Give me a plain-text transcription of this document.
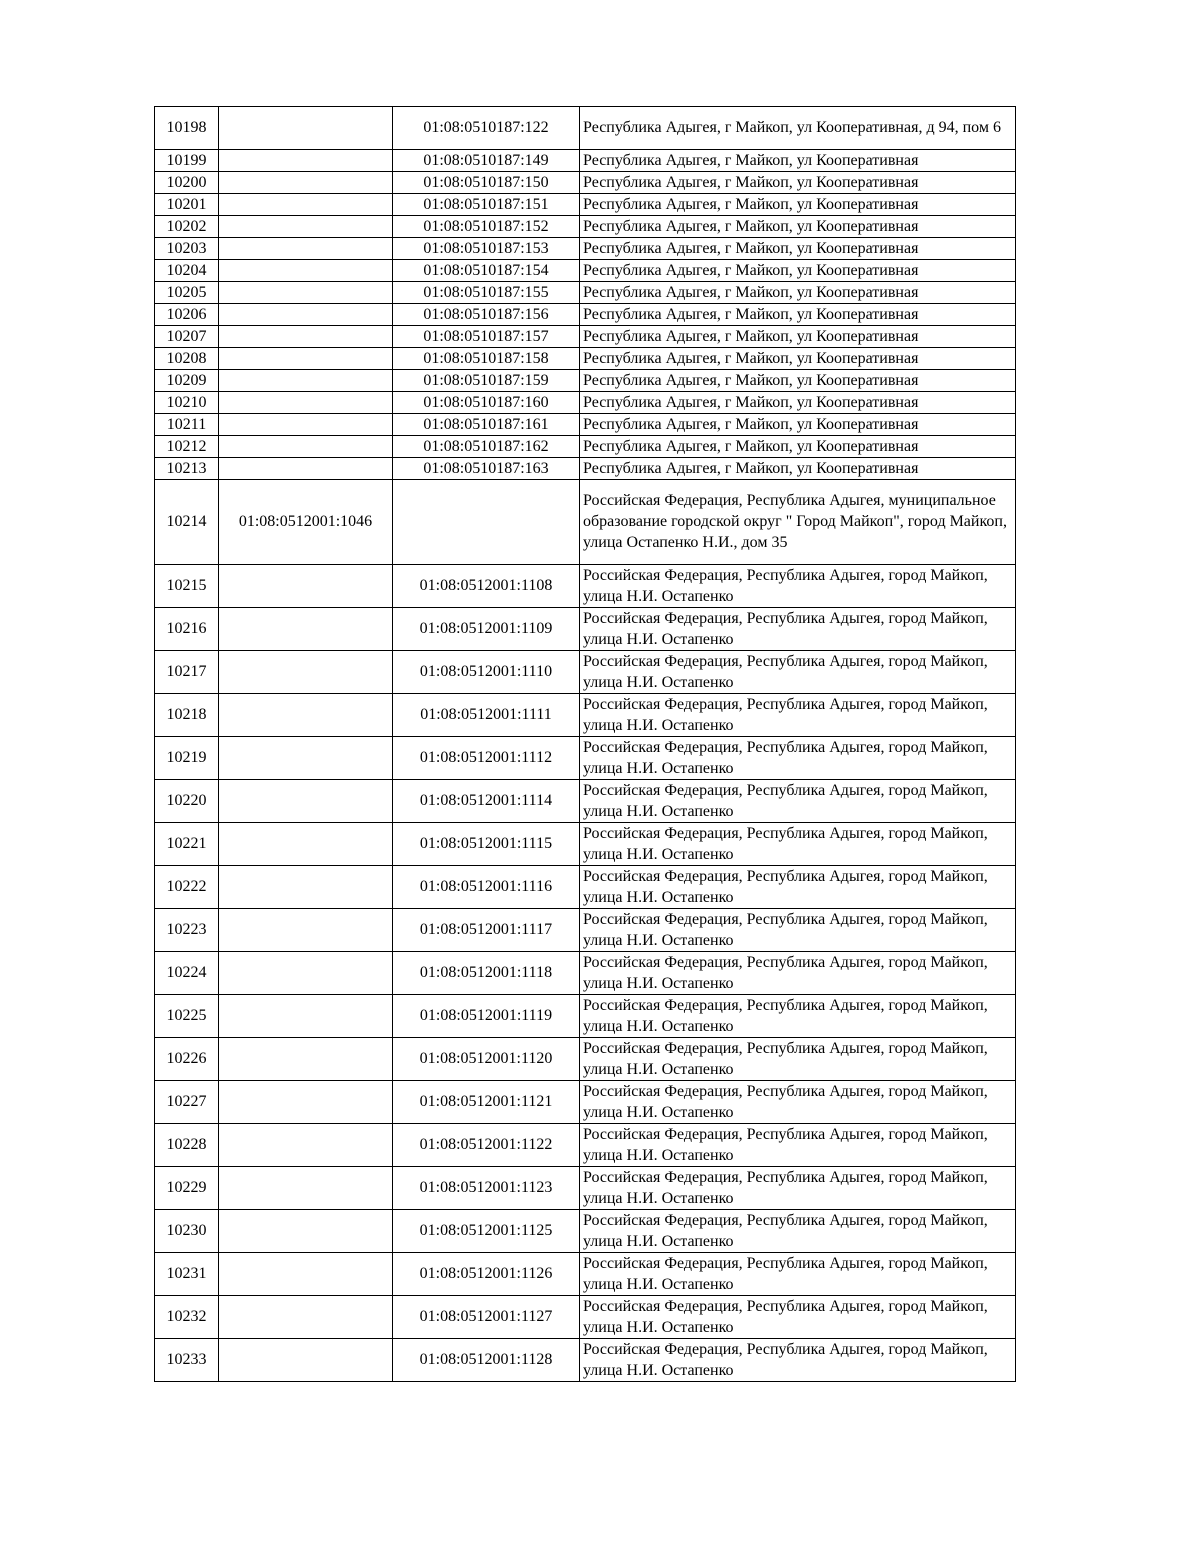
10198		01:08:0510187:122	Республика Адыгея, г Майкоп, ул Кооперативная, д 94, пом 6
10199		01:08:0510187:149	Республика Адыгея, г Майкоп, ул Кооперативная
10200		01:08:0510187:150	Республика Адыгея, г Майкоп, ул Кооперативная
10201		01:08:0510187:151	Республика Адыгея, г Майкоп, ул Кооперативная
10202		01:08:0510187:152	Республика Адыгея, г Майкоп, ул Кооперативная
10203		01:08:0510187:153	Республика Адыгея, г Майкоп, ул Кооперативная
10204		01:08:0510187:154	Республика Адыгея, г Майкоп, ул Кооперативная
10205		01:08:0510187:155	Республика Адыгея, г Майкоп, ул Кооперативная
10206		01:08:0510187:156	Республика Адыгея, г Майкоп, ул Кооперативная
10207		01:08:0510187:157	Республика Адыгея, г Майкоп, ул Кооперативная
10208		01:08:0510187:158	Республика Адыгея, г Майкоп, ул Кооперативная
10209		01:08:0510187:159	Республика Адыгея, г Майкоп, ул Кооперативная
10210		01:08:0510187:160	Республика Адыгея, г Майкоп, ул Кооперативная
10211		01:08:0510187:161	Республика Адыгея, г Майкоп, ул Кооперативная
10212		01:08:0510187:162	Республика Адыгея, г Майкоп, ул Кооперативная
10213		01:08:0510187:163	Республика Адыгея, г Майкоп, ул Кооперативная
10214	01:08:0512001:1046		Российская Федерация, Республика Адыгея, муниципальное образование городской округ " Город Майкоп", город Майкоп, улица Остапенко Н.И., дом 35
10215		01:08:0512001:1108	Российская Федерация, Республика Адыгея, город Майкоп, улица Н.И. Остапенко
10216		01:08:0512001:1109	Российская Федерация, Республика Адыгея, город Майкоп, улица Н.И. Остапенко
10217		01:08:0512001:1110	Российская Федерация, Республика Адыгея, город Майкоп, улица Н.И. Остапенко
10218		01:08:0512001:1111	Российская Федерация, Республика Адыгея, город Майкоп, улица Н.И. Остапенко
10219		01:08:0512001:1112	Российская Федерация, Республика Адыгея, город Майкоп, улица Н.И. Остапенко
10220		01:08:0512001:1114	Российская Федерация, Республика Адыгея, город Майкоп, улица Н.И. Остапенко
10221		01:08:0512001:1115	Российская Федерация, Республика Адыгея, город Майкоп, улица Н.И. Остапенко
10222		01:08:0512001:1116	Российская Федерация, Республика Адыгея, город Майкоп, улица Н.И. Остапенко
10223		01:08:0512001:1117	Российская Федерация, Республика Адыгея, город Майкоп, улица Н.И. Остапенко
10224		01:08:0512001:1118	Российская Федерация, Республика Адыгея, город Майкоп, улица Н.И. Остапенко
10225		01:08:0512001:1119	Российская Федерация, Республика Адыгея, город Майкоп, улица Н.И. Остапенко
10226		01:08:0512001:1120	Российская Федерация, Республика Адыгея, город Майкоп, улица Н.И. Остапенко
10227		01:08:0512001:1121	Российская Федерация, Республика Адыгея, город Майкоп, улица Н.И. Остапенко
10228		01:08:0512001:1122	Российская Федерация, Республика Адыгея, город Майкоп, улица Н.И. Остапенко
10229		01:08:0512001:1123	Российская Федерация, Республика Адыгея, город Майкоп, улица Н.И. Остапенко
10230		01:08:0512001:1125	Российская Федерация, Республика Адыгея, город Майкоп, улица Н.И. Остапенко
10231		01:08:0512001:1126	Российская Федерация, Республика Адыгея, город Майкоп, улица Н.И. Остапенко
10232		01:08:0512001:1127	Российская Федерация, Республика Адыгея, город Майкоп, улица Н.И. Остапенко
10233		01:08:0512001:1128	Российская Федерация, Республика Адыгея, город Майкоп, улица Н.И. Остапенко
